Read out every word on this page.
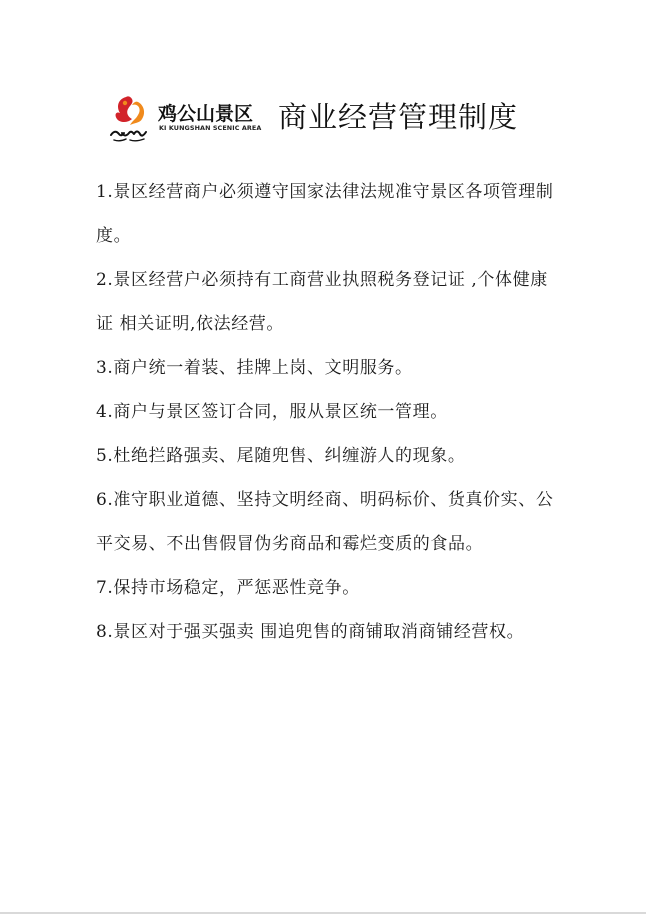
鸡公山景区
KI KUNGSHAN SCENIC AREA 商业经营管理制度

1.景区经营商户必须遵守国家法律法规准守景区各项管理制度。

2.景区经营户必须持有工商营业执照税务登记证 ,个体健康证 相关证明,依法经营。

3.商户统一着装、挂牌上岗、文明服务。

4.商户与景区签订合同，服从景区统一管理。

5.杜绝拦路强卖、尾随兜售、纠缠游人的现象。

6.准守职业道德、坚持文明经商、明码标价、货真价实、公平交易、不出售假冒伪劣商品和霉烂变质的食品。

7.保持市场稳定，严惩恶性竞争。

8.景区对于强买强卖 围追兜售的商铺取消商铺经营权。
